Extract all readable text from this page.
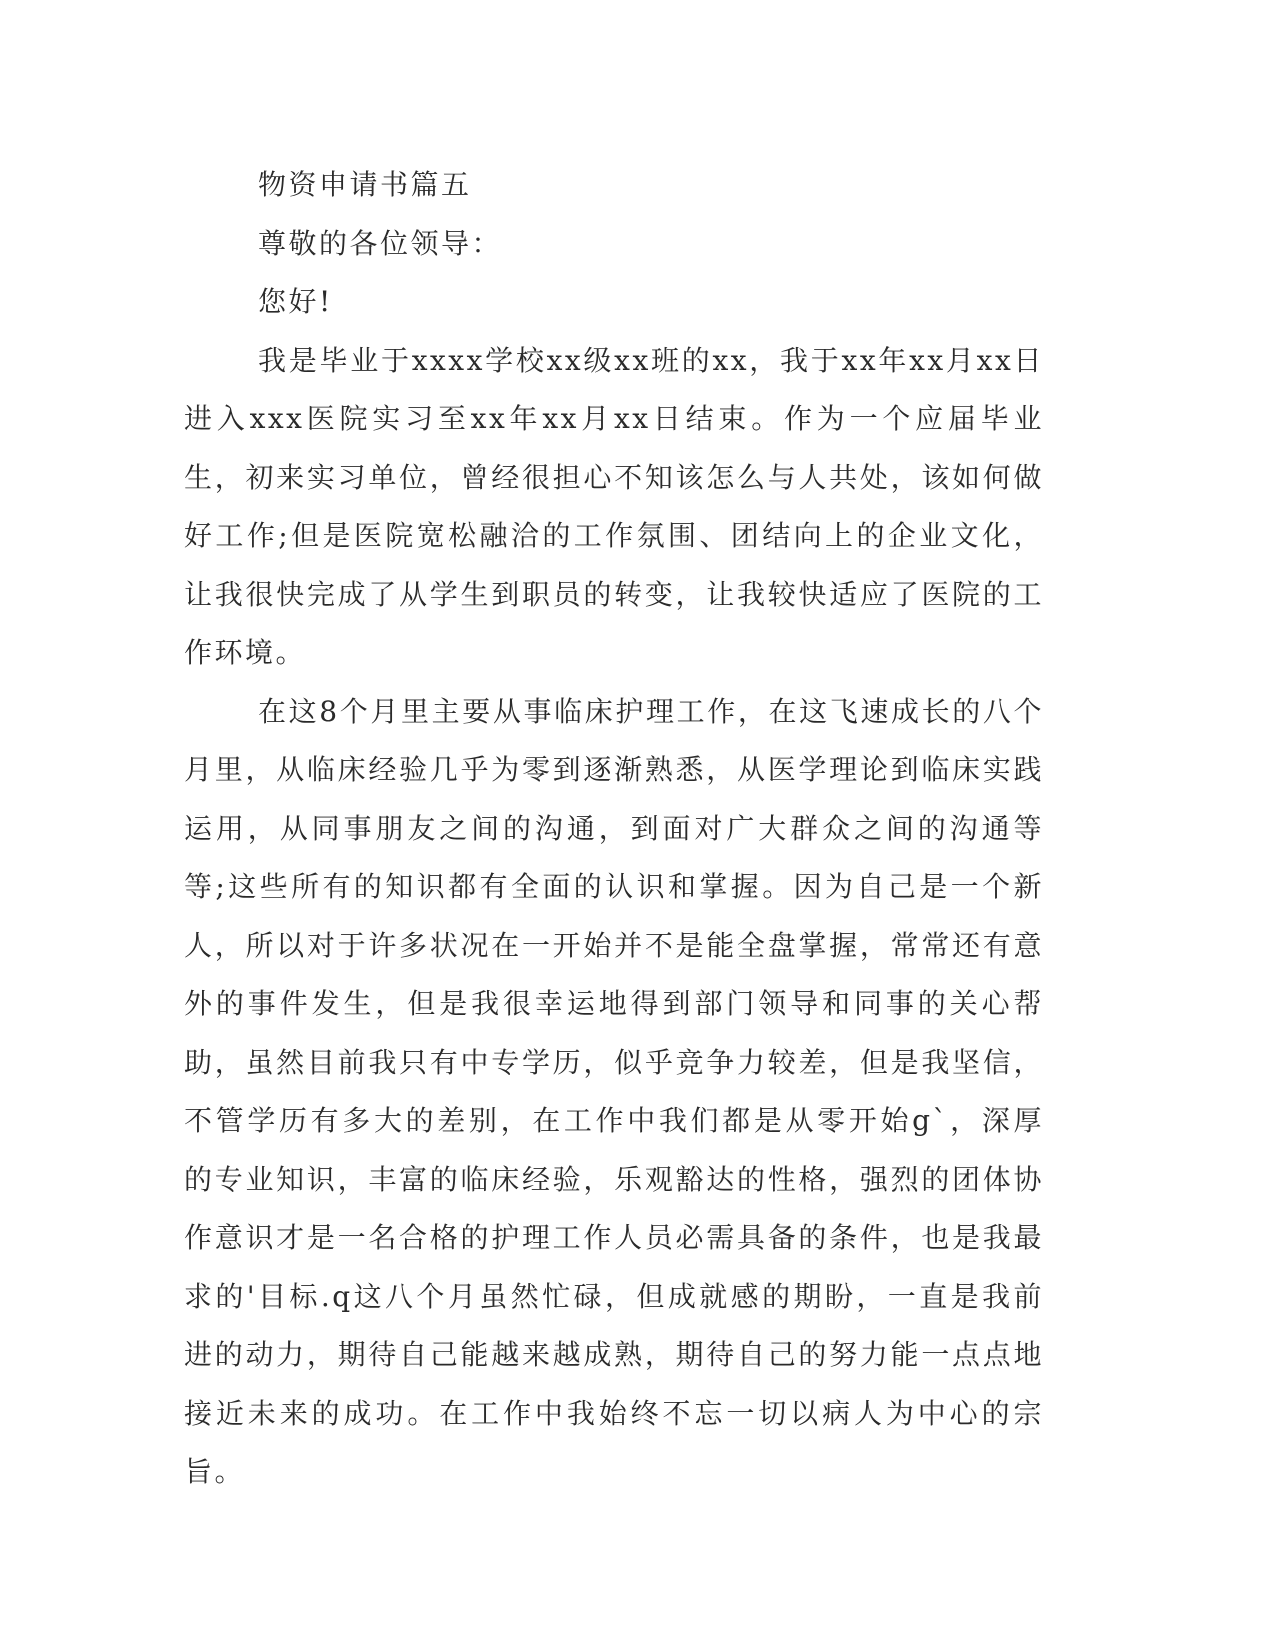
物资申请书篇五

尊敬的各位领导：

您好!

我是毕业于xxxx学校xx级xx班的xx，我于xx年xx月xx日进入xxx医院实习至xx年xx月xx日结束。作为一个应届毕业生，初来实习单位，曾经很担心不知该怎么与人共处，该如何做好工作;但是医院宽松融洽的工作氛围、团结向上的企业文化，让我很快完成了从学生到职员的转变，让我较快适应了医院的工作环境。

在这8个月里主要从事临床护理工作，在这飞速成长的八个月里，从临床经验几乎为零到逐渐熟悉，从医学理论到临床实践运用，从同事朋友之间的沟通，到面对广大群众之间的沟通等等;这些所有的知识都有全面的认识和掌握。因为自己是一个新人，所以对于许多状况在一开始并不是能全盘掌握，常常还有意外的事件发生，但是我很幸运地得到部门领导和同事的关心帮助，虽然目前我只有中专学历，似乎竞争力较差，但是我坚信，不管学历有多大的差别，在工作中我们都是从零开始g`，深厚的专业知识，丰富的临床经验，乐观豁达的性格，强烈的团体协作意识才是一名合格的护理工作人员必需具备的条件，也是我最求的'目标.q这八个月虽然忙碌，但成就感的期盼，一直是我前进的动力，期待自己能越来越成熟，期待自己的努力能一点点地接近未来的成功。在工作中我始终不忘一切以病人为中心的宗旨。
